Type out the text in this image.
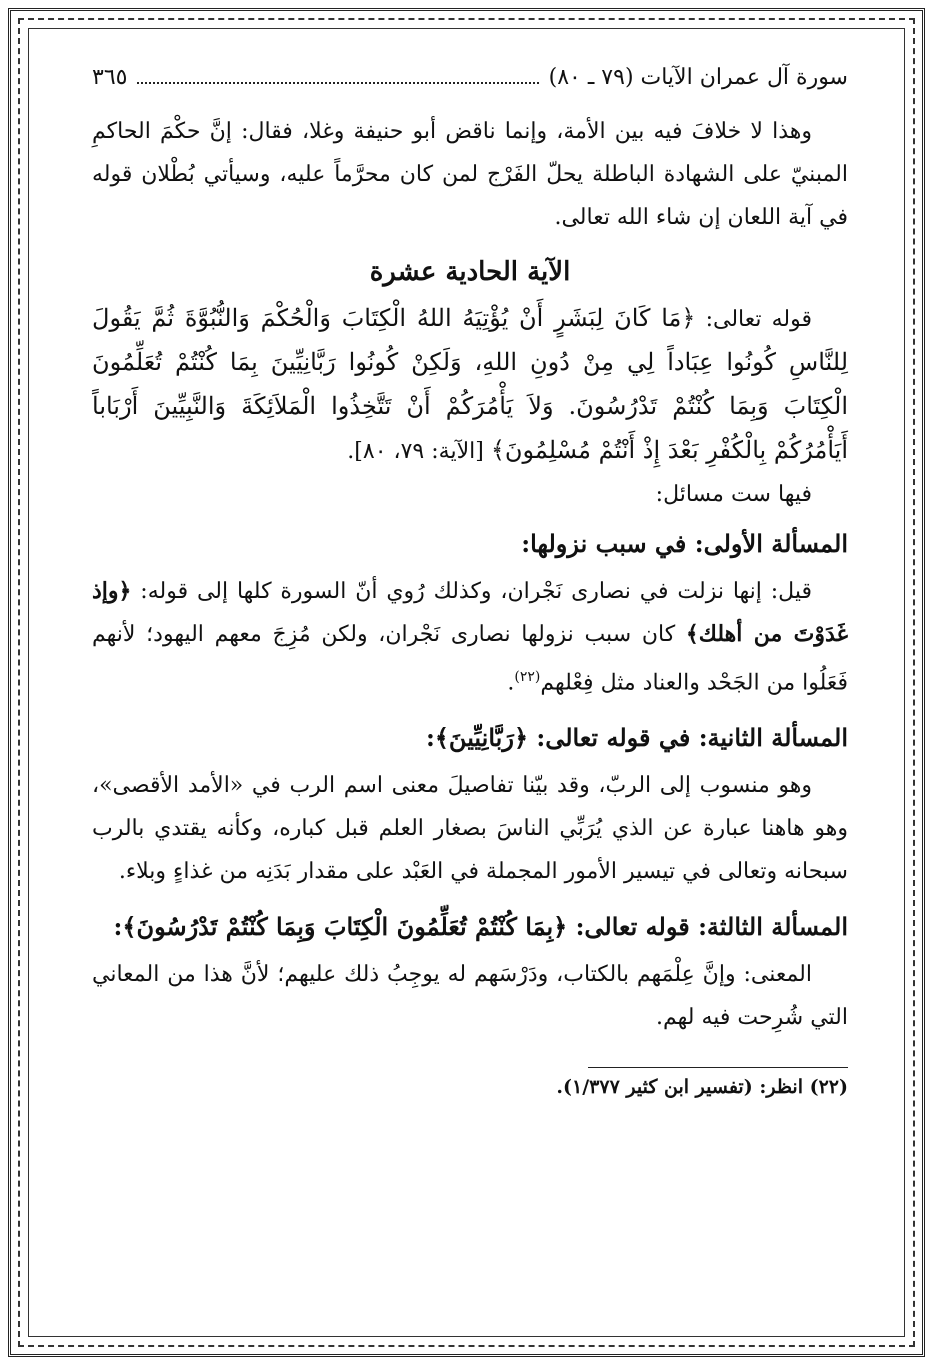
سورة آل عمران الآيات (٧٩ ـ ٨٠)
٣٦٥

وهذا لا خلافَ فيه بين الأمة، وإنما ناقض أبو حنيفة وغلا، فقال: إنَّ حكْمَ الحاكمِ المبنيّ على الشهادة الباطلة يحلّ الفَرْج لمن كان محرَّماً عليه، وسيأتي بُطْلان قوله في آية اللعان إن شاء الله تعالى.

الآية الحادية عشرة

قوله تعالى: ﴿مَا كَانَ لِبَشَرٍ أَنْ يُؤْتِيَهُ اللهُ الْكِتَابَ وَالْحُكْمَ وَالنُّبُوَّةَ ثُمَّ يَقُولَ لِلنَّاسِ كُونُوا عِبَاداً لِي مِنْ دُونِ اللهِ، وَلَكِنْ كُونُوا رَبَّانِيِّينَ بِمَا كُنْتُمْ تُعَلِّمُونَ الْكِتَابَ وَبِمَا كُنْتُمْ تَدْرُسُونَ. وَلاَ يَأْمُرَكُمْ أَنْ تَتَّخِذُوا الْمَلاَئِكَةَ وَالنَّبِيِّينَ أَرْبَاباً أَيَأْمُرُكُمْ بِالْكُفْرِ بَعْدَ إِذْ أَنْتُمْ مُسْلِمُونَ﴾ [الآية: ٧٩، ٨٠].

فيها ست مسائل:

المسألة الأولى: في سبب نزولها:

قيل: إنها نزلت في نصارى نَجْران، وكذلك رُوي أنّ السورة كلها إلى قوله: ﴿وإذ غَدَوْتَ من أهلك﴾ كان سبب نزولها نصارى نَجْران، ولكن مُزِجَ معهم اليهود؛ لأنهم فَعَلُوا من الجَحْد والعناد مثل فِعْلهم$^{(٢٢)}$.

المسألة الثانية: في قوله تعالى: ﴿رَبَّانِيِّينَ﴾:

وهو منسوب إلى الربّ، وقد بيّنا تفاصيلَ معنى اسم الرب في «الأمد الأقصى»، وهو هاهنا عبارة عن الذي يُرَبِّي الناسَ بصغار العلم قبل كباره، وكأنه يقتدي بالرب سبحانه وتعالى في تيسير الأمور المجملة في العَبْد على مقدار بَدَنِه من غذاءٍ وبلاء.

المسألة الثالثة: قوله تعالى: ﴿بِمَا كُنْتُمْ تُعَلِّمُونَ الْكِتَابَ وَبِمَا كُنْتُمْ تَدْرُسُونَ﴾:

المعنى: وإنَّ عِلْمَهم بالكتاب، ودَرْسَهم له يوجِبُ ذلك عليهم؛ لأنَّ هذا من المعاني التي شُرِحت فيه لهم.

(٢٢) انظر: (تفسير ابن كثير ١/٣٧٧).
